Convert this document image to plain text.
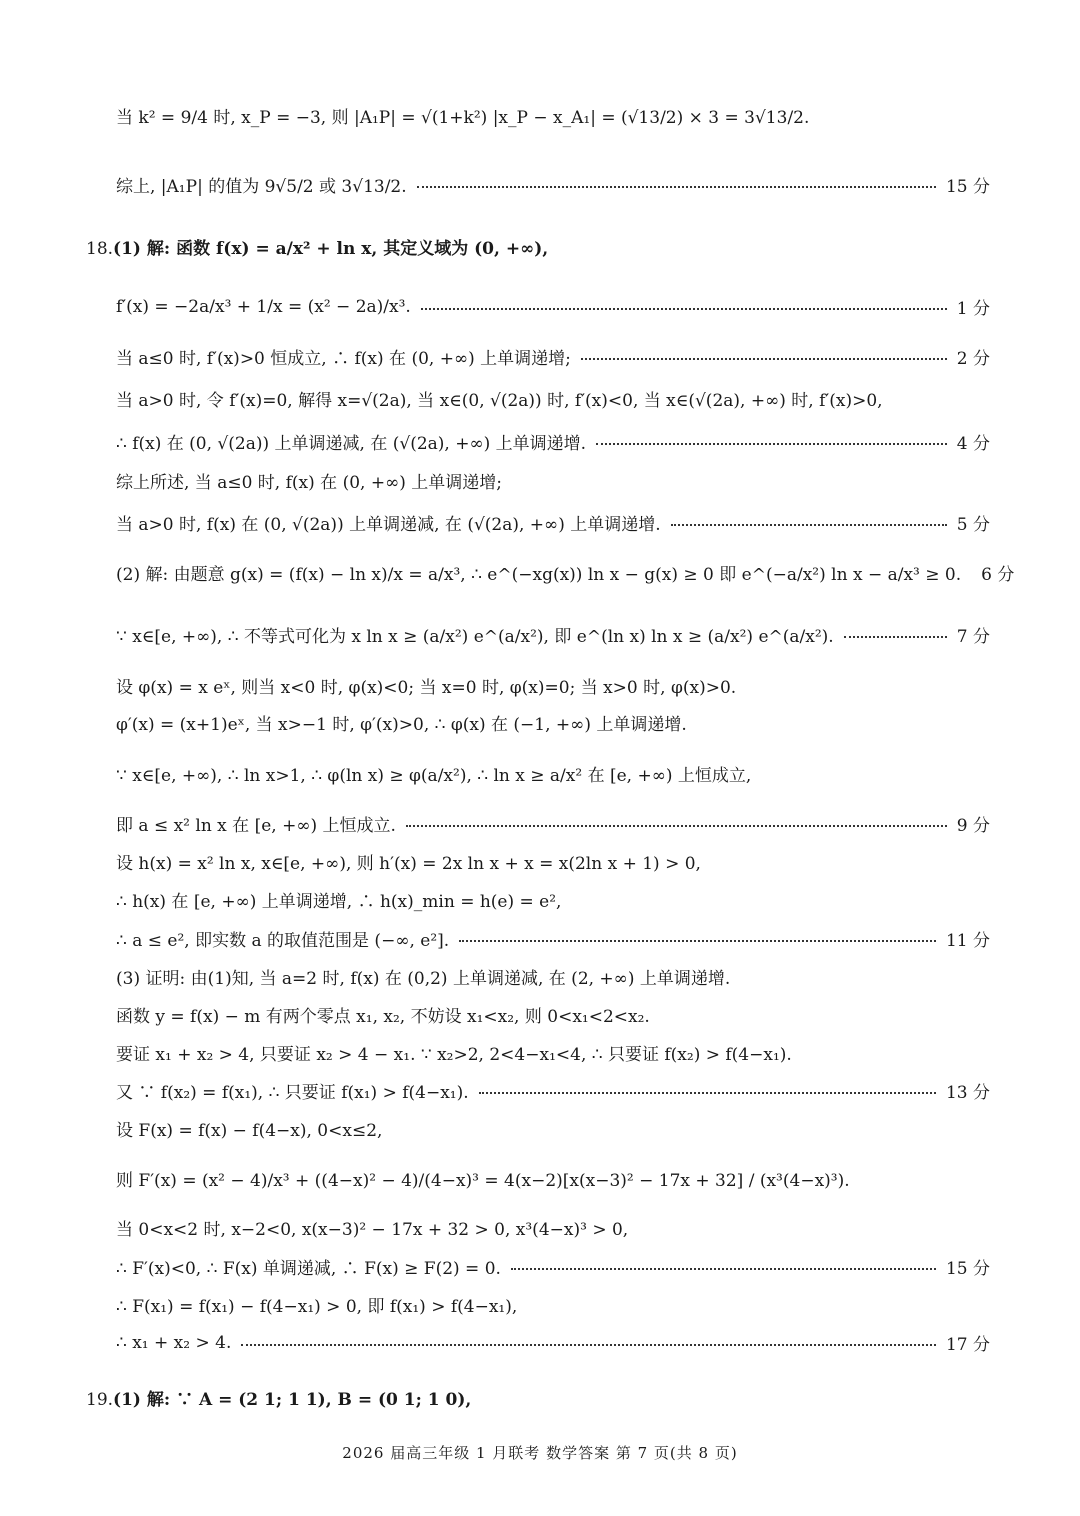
当 k² = 9/4 时, x_P = −3, 则 |A₁P| = √(1+k²) |x_P − x_A₁| = (√13/2) × 3 = 3√13/2.
综上, |A₁P| 的值为 9√5/2 或 3√13/2.	15 分
18.(1) 解: 函数 f(x) = a/x² + ln x, 其定义域为 (0, +∞),
f′(x) = −2a/x³ + 1/x = (x² − 2a)/x³.	1 分
当 a≤0 时, f′(x)>0 恒成立, ∴ f(x) 在 (0, +∞) 上单调递增;	2 分
当 a>0 时, 令 f′(x)=0, 解得 x=√(2a), 当 x∈(0, √(2a)) 时, f′(x)<0, 当 x∈(√(2a), +∞) 时, f′(x)>0,
∴ f(x) 在 (0, √(2a)) 上单调递减, 在 (√(2a), +∞) 上单调递增.	4 分
综上所述, 当 a≤0 时, f(x) 在 (0, +∞) 上单调递增;
当 a>0 时, f(x) 在 (0, √(2a)) 上单调递减, 在 (√(2a), +∞) 上单调递增.	5 分
(2) 解: 由题意 g(x) = (f(x) − ln x)/x = a/x³, ∴ e^(−xg(x)) ln x − g(x) ≥ 0 即 e^(−a/x²) ln x − a/x³ ≥ 0. 6 分
∵ x∈[e, +∞), ∴ 不等式可化为 x ln x ≥ (a/x²) e^(a/x²), 即 e^(ln x) ln x ≥ (a/x²) e^(a/x²).	7 分
设 φ(x) = x eˣ, 则当 x<0 时, φ(x)<0; 当 x=0 时, φ(x)=0; 当 x>0 时, φ(x)>0.
φ′(x) = (x+1)eˣ, 当 x>−1 时, φ′(x)>0, ∴ φ(x) 在 (−1, +∞) 上单调递增.
∵ x∈[e, +∞), ∴ ln x>1, ∴ φ(ln x) ≥ φ(a/x²), ∴ ln x ≥ a/x² 在 [e, +∞) 上恒成立,
即 a ≤ x² ln x 在 [e, +∞) 上恒成立.	9 分
设 h(x) = x² ln x, x∈[e, +∞), 则 h′(x) = 2x ln x + x = x(2ln x + 1) > 0,
∴ h(x) 在 [e, +∞) 上单调递增, ∴ h(x)_min = h(e) = e²,
∴ a ≤ e², 即实数 a 的取值范围是 (−∞, e²].	11 分
(3) 证明: 由(1)知, 当 a=2 时, f(x) 在 (0,2) 上单调递减, 在 (2, +∞) 上单调递增.
函数 y = f(x) − m 有两个零点 x₁, x₂, 不妨设 x₁<x₂, 则 0<x₁<2<x₂.
要证 x₁ + x₂ > 4, 只要证 x₂ > 4 − x₁. ∵ x₂>2, 2<4−x₁<4, ∴ 只要证 f(x₂) > f(4−x₁).
又 ∵ f(x₂) = f(x₁), ∴ 只要证 f(x₁) > f(4−x₁).	13 分
设 F(x) = f(x) − f(4−x), 0<x≤2,
则 F′(x) = (x² − 4)/x³ + ((4−x)² − 4)/(4−x)³ = 4(x−2)[x(x−3)² − 17x + 32] / (x³(4−x)³).
当 0<x<2 时, x−2<0, x(x−3)² − 17x + 32 > 0, x³(4−x)³ > 0,
∴ F′(x)<0, ∴ F(x) 单调递减, ∴ F(x) ≥ F(2) = 0.	15 分
∴ F(x₁) = f(x₁) − f(4−x₁) > 0, 即 f(x₁) > f(4−x₁),
∴ x₁ + x₂ > 4.	17 分
19.(1) 解: ∵ A = (2 1; 1 1), B = (0 1; 1 0),
2026 届高三年级 1 月联考 数学答案 第 7 页(共 8 页)
